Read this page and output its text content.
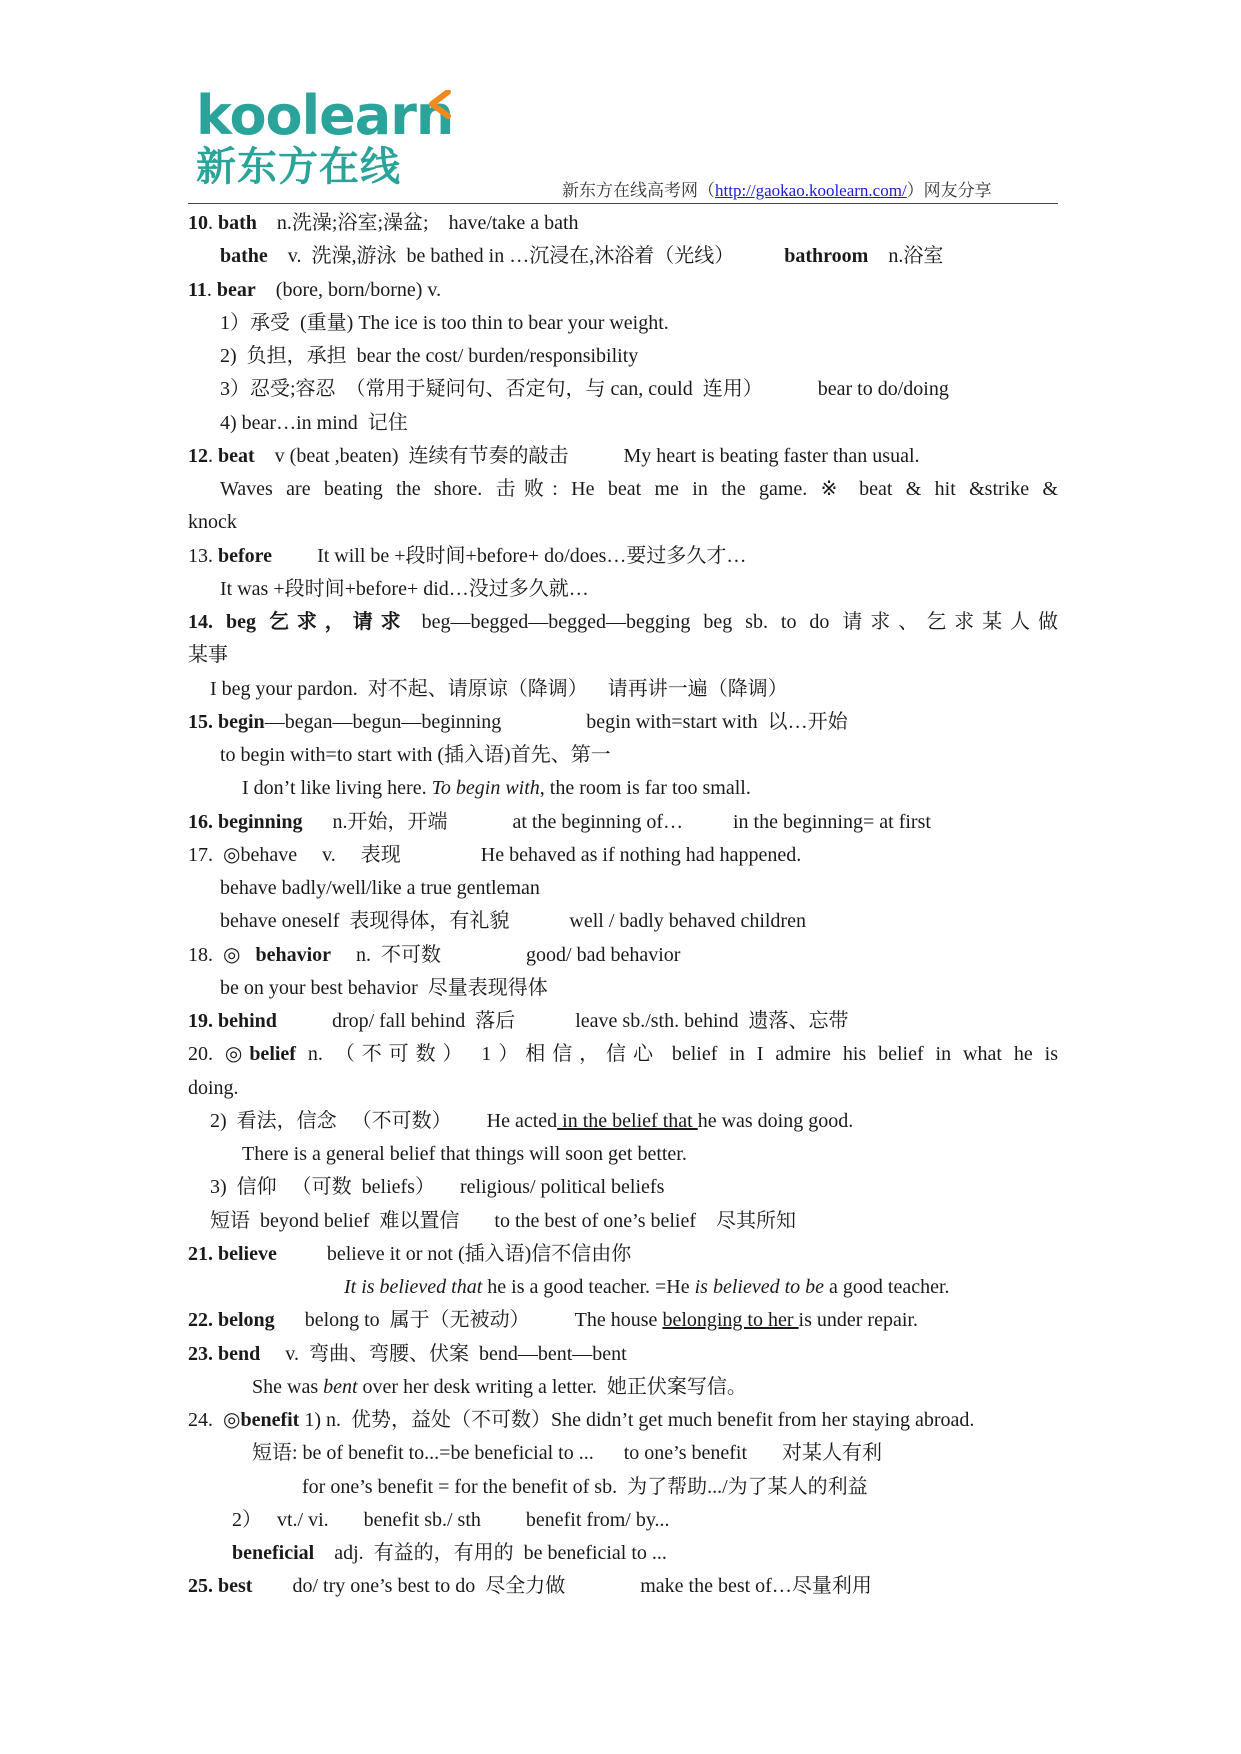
koolearn
新东方在线
新东方在线高考网（http://gaokao.koolearn.com/）网友分享
10. bath    n.洗澡;浴室;澡盆;    have/take a bath
bathe    v.  洗澡,游泳  be bathed in …沉浸在,沐浴着（光线）          bathroom    n.浴室
11. bear    (bore, born/borne) v.
1）承受  (重量) The ice is too thin to bear your weight.
2)  负担，承担  bear the cost/ burden/responsibility
3）忍受;容忍  （常用于疑问句、否定句，与 can, could  连用）           bear to do/doing
4) bear…in mind  记住
12. beat    v (beat ,beaten)  连续有节奏的敲击           My heart is beating faster than usual.
Waves are beating the shore. 击败: He beat me in the game. ※ beat & hit &strike &
knock
13. before         It will be +段时间+before+ do/does…要过多久才…
It was +段时间+before+ did…没过多久就…
14. beg 乞求，请求 beg—begged—begged—begging beg sb. to do 请求、乞求某人做
某事
I beg your pardon.  对不起、请原谅（降调）    请再讲一遍（降调）
15. begin—began—begun—beginning                 begin with=start with  以…开始
to begin with=to start with (插入语)首先、第一
I don’t like living here. To begin with, the room is far too small.
16. beginning      n.开始，开端             at the beginning of…          in the beginning= at first
17.  ◎behave     v.     表现                He behaved as if nothing had happened.
behave badly/well/like a true gentleman
behave oneself  表现得体，有礼貌            well / badly behaved children
18.  ◎   behavior     n.  不可数                 good/ bad behavior
be on your best behavior  尽量表现得体
19. behind           drop/ fall behind  落后            leave sb./sth. behind  遗落、忘带
20. ◎belief n. （不可数） 1）相信，信心 belief in I admire his belief in what he is
doing.
2)  看法，信念   （不可数）       He acted in the belief that he was doing good.
There is a general belief that things will soon get better.
3)  信仰   （可数  beliefs）     religious/ political beliefs
短语  beyond belief  难以置信       to the best of one’s belief    尽其所知
21. believe          believe it or not (插入语)信不信由你
It is believed that he is a good teacher. =He is believed to be a good teacher.
22. belong      belong to  属于（无被动）         The house belonging to her is under repair.
23. bend     v.  弯曲、弯腰、伏案  bend—bent—bent
She was bent over her desk writing a letter.  她正伏案写信。
24.  ◎benefit 1) n.  优势，益处（不可数）She didn’t get much benefit from her staying abroad.
短语: be of benefit to...=be beneficial to ...      to one’s benefit       对某人有利
for one’s benefit = for the benefit of sb.  为了帮助.../为了某人的利益
2）   vt./ vi.       benefit sb./ sth         benefit from/ by...
beneficial    adj.  有益的，有用的  be beneficial to ...
25. best        do/ try one’s best to do  尽全力做               make the best of…尽量利用
